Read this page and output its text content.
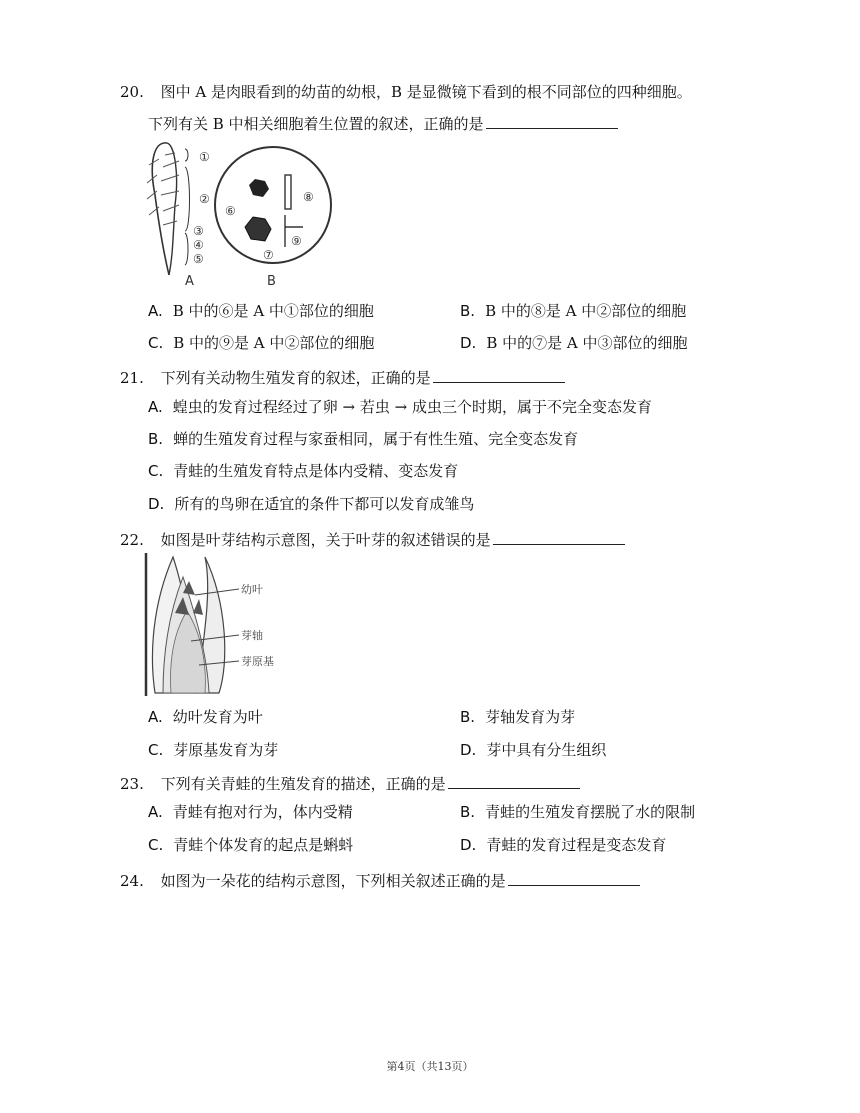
20. 图中 A 是肉眼看到的幼苗的幼根，B 是显微镜下看到的根不同部位的四种细胞。
下列有关 B 中相关细胞着生位置的叙述，正确的是
①
②
③
④
⑤
A
⑥
⑦
⑧
⑨
B
A. B 中的⑥是 A 中①部位的细胞	B. B 中的⑧是 A 中②部位的细胞
C. B 中的⑨是 A 中②部位的细胞	D. B 中的⑦是 A 中③部位的细胞
21. 下列有关动物生殖发育的叙述，正确的是
A. 蝗虫的发育过程经过了卵 → 若虫 → 成虫三个时期，属于不完全变态发育
B. 蝉的生殖发育过程与家蚕相同，属于有性生殖、完全变态发育
C. 青蛙的生殖发育特点是体内受精、变态发育
D. 所有的鸟卵在适宜的条件下都可以发育成雏鸟
22. 如图是叶芽结构示意图，关于叶芽的叙述错误的是
幼叶
芽轴
芽原基
A. 幼叶发育为叶	B. 芽轴发育为芽
C. 芽原基发育为芽	D. 芽中具有分生组织
23. 下列有关青蛙的生殖发育的描述，正确的是
A. 青蛙有抱对行为，体内受精	B. 青蛙的生殖发育摆脱了水的限制
C. 青蛙个体发育的起点是蝌蚪	D. 青蛙的发育过程是变态发育
24. 如图为一朵花的结构示意图，下列相关叙述正确的是
第4页（共13页）
